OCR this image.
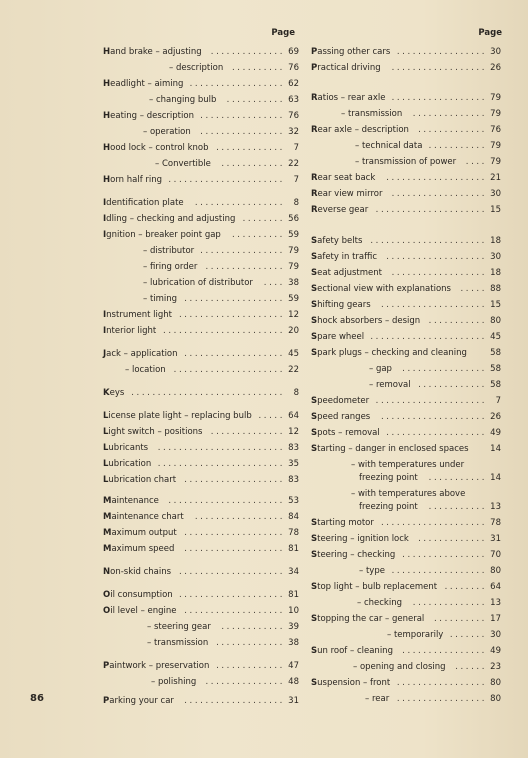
Page
Hand brake – adjusting	.............. 69
– description	.......... 76
Headlight – aiming .................. 62
– changing bulb	........... 63
Heating – description ................ 76
– operation	................ 32
Hood lock – control knob .............	7
– Convertible	............ 22
Horn half ring ......................	7
Identification plate	.................	8
Idling – checking and adjusting ........ 56
Ignition – breaker point gap	.......... 59
– distributor ................ 79
– firing order ............... 79
– lubrication of distributor	.... 38
– timing ................... 59
Instrument light .................... 12
Interior light ....................... 20
Jack – application ................... 45
– location ..................... 22
Keys .............................	8
License plate light – replacing bulb ..... 64
Light switch – positions .............. 12
Lubricants	........................ 83
Lubrication ........................ 35
Lubrication chart ................... 83
Maintenance	...................... 53
Maintenance chart	................. 84
Maximum output ................... 78
Maximum speed	................... 81
Non-skid chains .................... 34
Oil consumption .................... 81
Oil level – engine ................... 10
– steering gear	............ 39
– transmission ............. 38
Paintwork – preservation ............. 47
– polishing	............... 48
Parking your car	................... 31
Page
Passing other cars ................. 30
Practical driving	.................. 26
Ratios – rear axle .................. 79
– transmission	.............. 79
Rear axle – description	............. 76
– technical data ........... 79
– transmission of power	.... 79
Rear seat back	................... 21
Rear view mirror	.................. 30
Reverse gear ..................... 15
Safety belts ...................... 18
Safety in traffic	................... 30
Seat adjustment	.................. 18
Sectional view with explanations	..... 88
Shifting gears	.................... 15
Shock absorbers – design ........... 80
Spare wheel ...................... 45
Spark plugs – checking and cleaning	58
– gap	................ 58
– removal ............. 58
Speedometer .....................	7
Speed ranges	.................... 26
Spots – removal ................... 49
Starting – danger in enclosed spaces	14
– with temperatures under
freezing point	........... 14
– with temperatures above
freezing point	........... 13
Starting motor .................... 78
Steering – ignition lock	............. 31
Steering – checking ................ 70
– type .................. 80
Stop light – bulb replacement ........ 64
– checking	.............. 13
Stopping the car – general	.......... 17
– temporarily ....... 30
Sun roof – cleaning	................ 49
– opening and closing	...... 23
Suspension – front ................. 80
– rear ................. 80
86
